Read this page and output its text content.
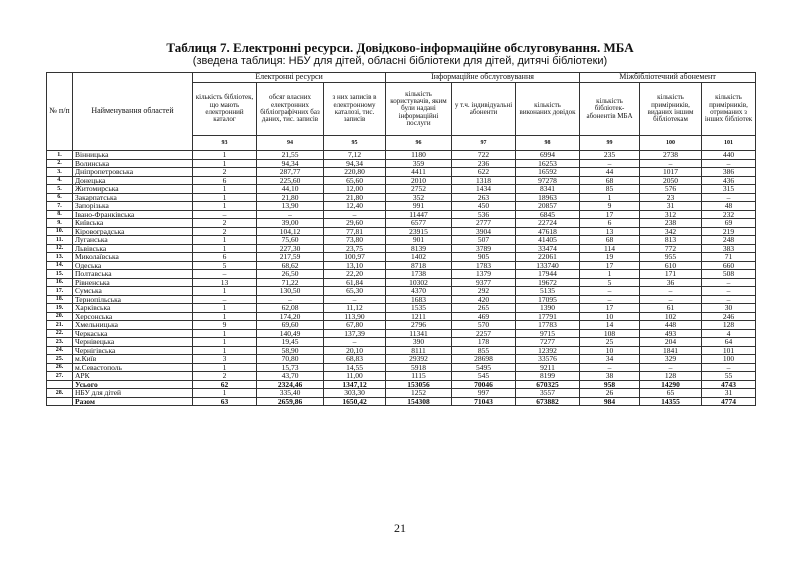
Таблиця 7. Електронні ресурси. Довідково-інформаційне обслуговування. МБА
(зведена таблиця: НБУ для дітей, обласні бібліотеки для дітей, дитячі бібліотеки)
№ п/п	Найменування областей	Електронні ресурси			Інформаційне обслуговування			Міжбібліотечний абонемент		
		кількість бібліотек, що мають електронний каталог	обсяг власних електронних бібліографічних баз даних, тис. записів	з них записів в електронному каталозі, тис. записів	кількість користувачів, яким були надані інформаційні послуги	у т.ч. індивідуальні абоненти	кількість виконаних довідок	кількість бібліотек-абонентів МБА	кількість примірників, виданих іншим бібліотекам	кількість примірників, отриманих з інших бібліотек
		93	94	95	96	97	98	99	100	101
1.	Вінницька	1	21,55	7,12	1180	722	6994	235	2738	440
2.	Волинська	1	94,34	94,34	359	236	16253	–	–	–
3.	Дніпропетровська	2	287,77	220,80	4411	622	16592	44	1017	386
4.	Донецька	6	225,60	65,60	2010	1318	97278	68	2050	436
5.	Житомирська	1	44,10	12,00	2752	1434	8341	85	576	315
6.	Закарпатська	1	21,80	21,80	352	263	18963	1	23	–
7.	Запорізька	1	13,90	12,40	991	450	20857	9	31	48
8.	Івано-Франківська	–	–	–	11447	536	6845	17	312	232
9.	Київська	2	39,00	29,60	6577	2777	22724	6	238	69
10.	Кіровоградська	2	104,12	77,81	23915	3904	47618	13	342	219
11.	Луганська	1	75,60	73,80	901	507	41405	68	813	248
12.	Львівська	1	227,30	23,75	8139	3789	33474	114	772	383
13.	Миколаївська	6	217,59	100,97	1402	905	22061	19	955	71
14.	Одеська	5	68,62	13,10	8718	1783	133740	17	610	660
15.	Полтавська	–	26,50	22,20	1738	1379	17944	1	171	508
16.	Рівненська	13	71,22	61,84	10302	9377	19672	5	36	–
17.	Сумська	1	130,50	65,30	4370	292	5135	–	–	–
18.	Тернопільська	–	–	–	1683	420	17095	–	–	–
19.	Харківська	1	62,08	11,12	1535	265	1390	17	61	30
20.	Херсонська	1	174,20	113,90	1211	469	17791	10	102	246
21.	Хмельницька	9	69,60	67,80	2796	570	17783	14	448	128
22.	Черкаська	1	140,49	137,39	11341	2257	9715	108	493	4
23.	Чернівецька	1	19,45	–	390	178	7277	25	204	64
24.	Чернігівська	1	58,90	20,10	8111	855	12392	10	1841	101
25.	м.Київ	3	70,80	68,83	29392	28698	33576	34	329	100
26.	м.Севастополь	1	15,73	14,55	5918	5495	9211	–	–	–
27.	АРК	2	43,70	11,00	1115	545	8199	38	128	55
	Усього	62	2324,46	1347,12	153056	70046	670325	958	14290	4743
28.	НБУ для дітей	1	335,40	303,30	1252	997	3557	26	65	31
	Разом	63	2659,86	1650,42	154308	71043	673882	984	14355	4774
21
